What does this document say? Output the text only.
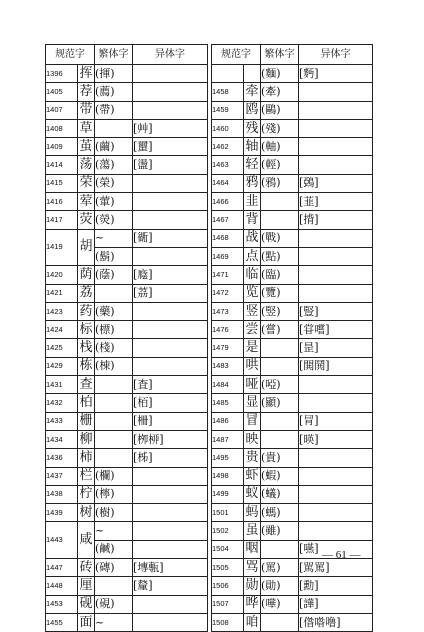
规范字		繁体字	异体字
1396	挥	(揮)	
1405	荐	(薦)	
1407	带	(帶)	
1408	草		[艸]
1409	茧	(繭)	[蠒]
1414	荡	(蕩)	[盪]
1415	荣	(榮)	
1416	荤	(葷)	
1417	荧	(熒)	
1419	胡	~	[衚]
		(鬍)	
1420	荫	(蔭)	[廕]
1421	荔		[茘]
1423	药	(藥)	
1424	标	(標)	
1425	栈	(棧)	
1429	栋	(棟)	
1431	查		[査]
1432	柏		[栢]
1433	栅		[柵]
1434	柳		[栁桺]
1436	柿		[柹]
1437	栏	(欄)	
1438	柠	(檸)	
1439	树	(樹)	
1443	咸	~	
		(鹹)	
1447	砖	(磚)	[塼甎]
1448	厘		[釐]
1453	砚	(硯)	
1455	面	~	
规范字		繁体字	异体字
		(麵)	[麪]
1458	牵	(牽)	
1459	鸥	(鷗)	
1460	残	(殘)	
1462	轴	(軸)	
1463	轻	(輕)	
1464	鸦	(鴉)	[鵶]
1466	韭		[韮]
1467	背		[揹]
1468	战	(戰)	
1469	点	(點)	
1471	临	(臨)	
1472	览	(覽)	
1473	竖	(竪)	[豎]
1476	尝	(嘗)	[甞嚐]
1479	是		[昰]
1483	哄		[閧鬨]
1484	哑	(啞)	
1485	显	(顯)	
1486	冒		[冐]
1487	映		[暎]
1495	贵	(貴)	
1498	虾	(蝦)	
1499	蚁	(蟻)	
1501	蚂	(螞)	
1502	虽	(雖)	
1504	咽		[嚥]
1505	骂	(罵)	[駡罵]
1506	勋	(勛)	[勳]
1507	哗	(嘩)	[譁]
1508	咱		[偺喒噜]
— 61 —
